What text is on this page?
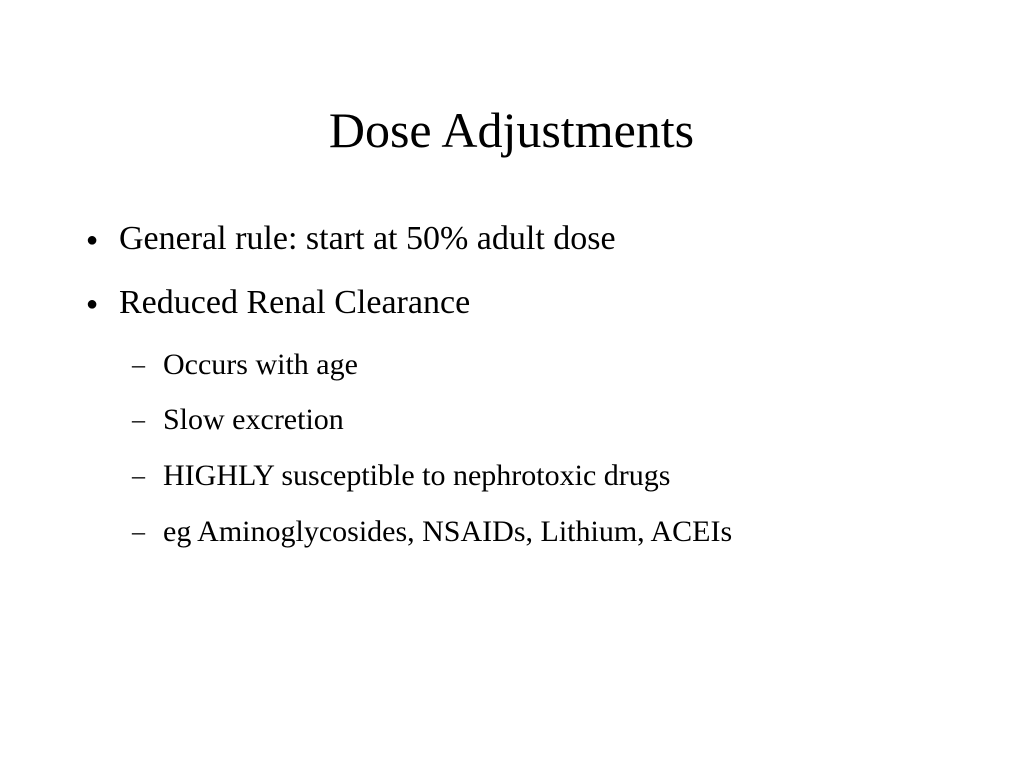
Dose Adjustments
● General rule: start at 50% adult dose
● Reduced Renal Clearance
– Occurs with age
– Slow excretion
– HIGHLY susceptible to nephrotoxic drugs
– eg Aminoglycosides, NSAIDs, Lithium, ACEIs
